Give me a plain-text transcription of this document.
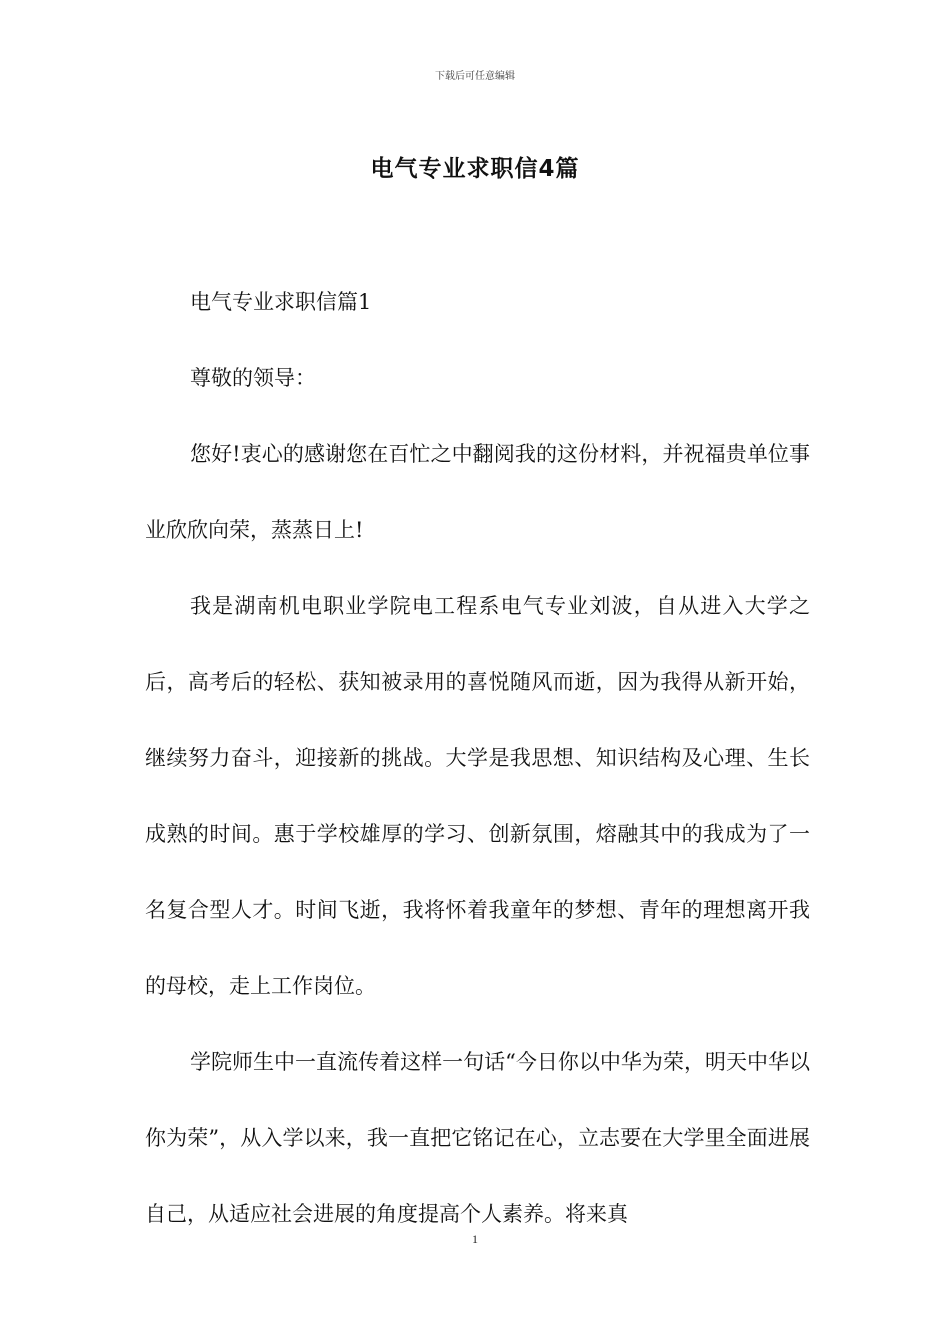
下载后可任意编辑
电气专业求职信4篇

电气专业求职信篇1

尊敬的领导：

您好!衷心的感谢您在百忙之中翻阅我的这份材料，并祝福贵单位事业欣欣向荣，蒸蒸日上!

我是湖南机电职业学院电工程系电气专业刘波，自从进入大学之后，高考后的轻松、获知被录用的喜悦随风而逝，因为我得从新开始，继续努力奋斗，迎接新的挑战。大学是我思想、知识结构及心理、生长成熟的时间。惠于学校雄厚的学习、创新氛围，熔融其中的我成为了一名复合型人才。时间飞逝，我将怀着我童年的梦想、青年的理想离开我的母校，走上工作岗位。

学院师生中一直流传着这样一句话“今日你以中华为荣，明天中华以你为荣”，从入学以来，我一直把它铭记在心，立志要在大学里全面进展自己，从适应社会进展的角度提高个人素养。将来真

1
